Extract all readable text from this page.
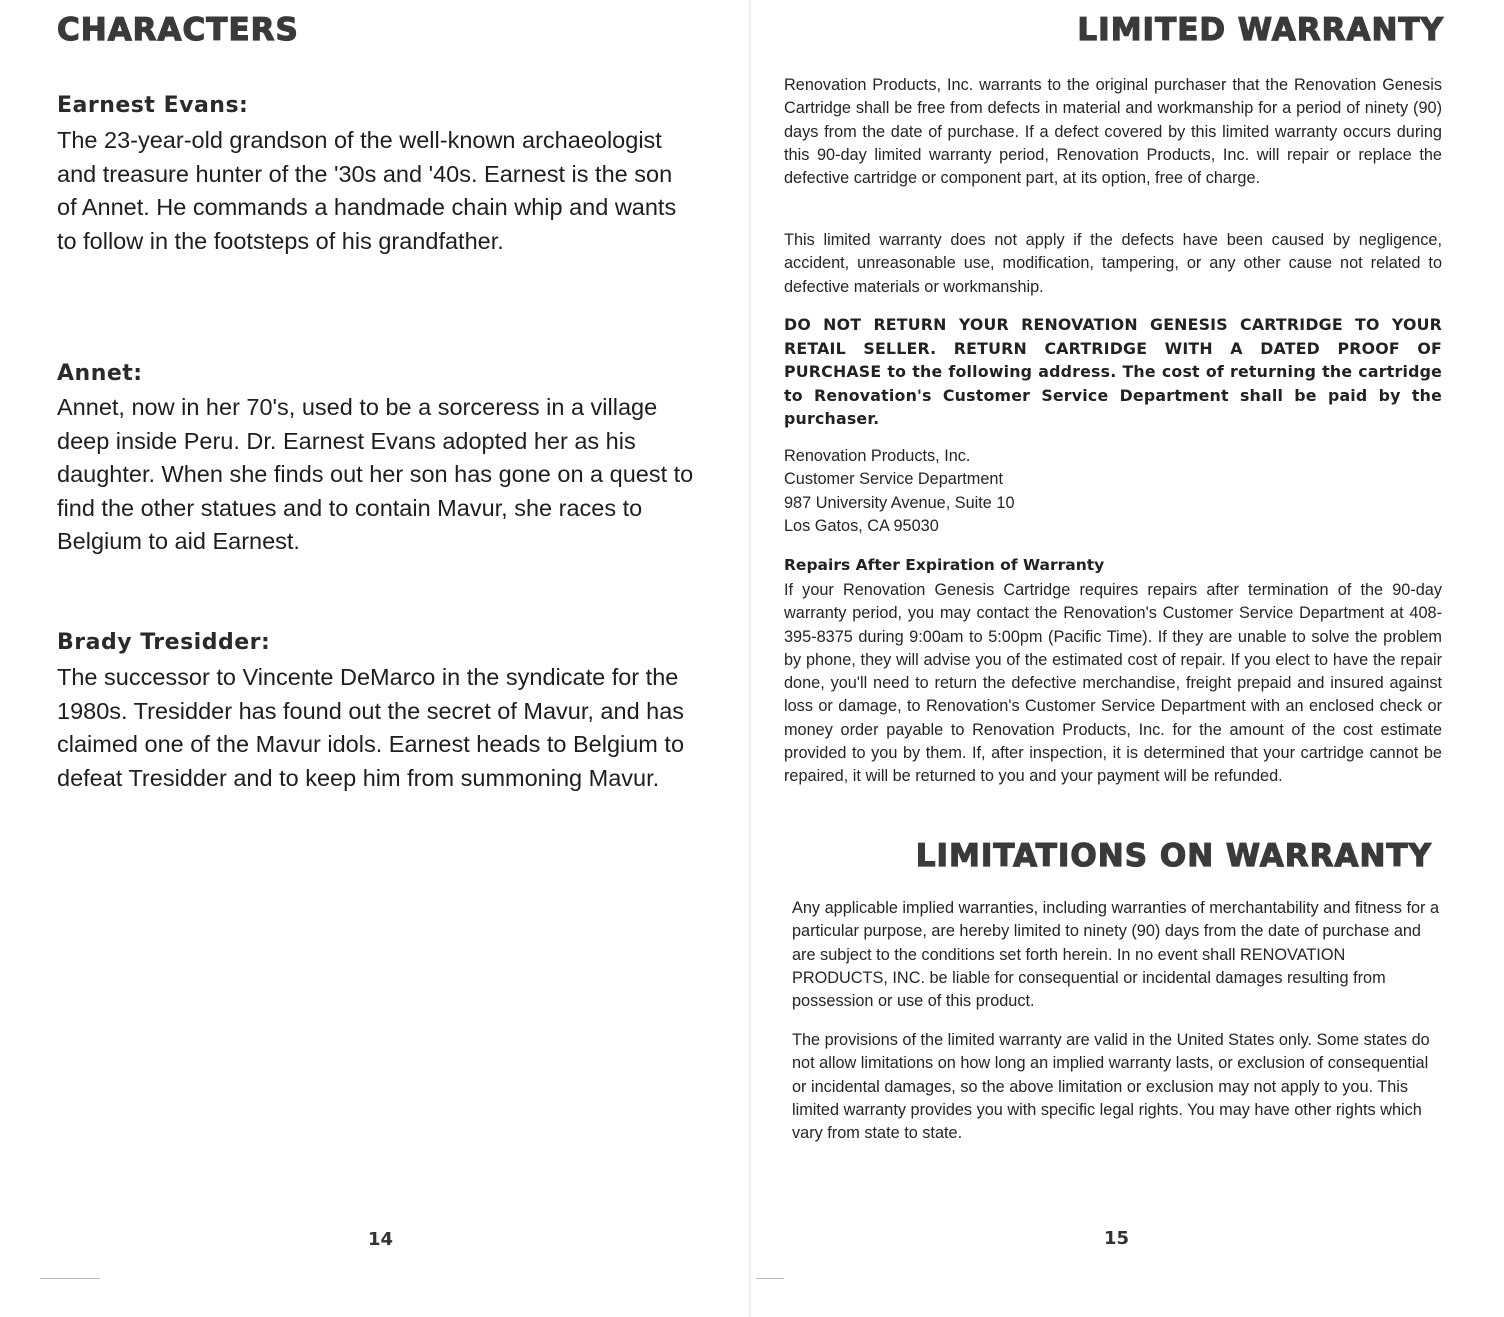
CHARACTERS
Earnest Evans:

The 23-year-old grandson of the well-known archaeologist and treasure hunter of the '30s and '40s. Earnest is the son of Annet. He commands a handmade chain whip and wants to follow in the footsteps of his grandfather.

Annet:

Annet, now in her 70's, used to be a sorceress in a village deep inside Peru. Dr. Earnest Evans adopted her as his daughter. When she finds out her son has gone on a quest to find the other statues and to contain Mavur, she races to Belgium to aid Earnest.

Brady Tresidder:

The successor to Vincente DeMarco in the syndicate for the 1980s. Tresidder has found out the secret of Mavur, and has claimed one of the Mavur idols. Earnest heads to Belgium to defeat Tresidder and to keep him from summoning Mavur.

14

LIMITED WARRANTY

Renovation Products, Inc. warrants to the original purchaser that the Renovation Genesis Cartridge shall be free from defects in material and workmanship for a period of ninety (90) days from the date of purchase. If a defect covered by this limited warranty occurs during this 90-day limited warranty period, Renovation Products, Inc. will repair or replace the defective cartridge or component part, at its option, free of charge.

This limited warranty does not apply if the defects have been caused by negligence, accident, unreasonable use, modification, tampering, or any other cause not related to defective materials or workmanship.

DO NOT RETURN YOUR RENOVATION GENESIS CARTRIDGE TO YOUR RETAIL SELLER. RETURN CARTRIDGE WITH A DATED PROOF OF PURCHASE to the following address. The cost of returning the cartridge to Renovation's Customer Service Department shall be paid by the purchaser.

Renovation Products, Inc.
Customer Service Department
987 University Avenue, Suite 10
Los Gatos, CA 95030
Repairs After Expiration of Warranty

If your Renovation Genesis Cartridge requires repairs after termination of the 90-day warranty period, you may contact the Renovation's Customer Service Department at 408-395-8375 during 9:00am to 5:00pm (Pacific Time). If they are unable to solve the problem by phone, they will advise you of the estimated cost of repair. If you elect to have the repair done, you'll need to return the defective merchandise, freight prepaid and insured against loss or damage, to Renovation's Customer Service Department with an enclosed check or money order payable to Renovation Products, Inc. for the amount of the cost estimate provided to you by them. If, after inspection, it is determined that your cartridge cannot be repaired, it will be returned to you and your payment will be refunded.

LIMITATIONS ON WARRANTY

Any applicable implied warranties, including warranties of merchantability and fitness for a particular purpose, are hereby limited to ninety (90) days from the date of purchase and are subject to the conditions set forth herein. In no event shall RENOVATION PRODUCTS, INC. be liable for consequential or incidental damages resulting from possession or use of this product.

The provisions of the limited warranty are valid in the United States only. Some states do not allow limitations on how long an implied warranty lasts, or exclusion of consequential or incidental damages, so the above limitation or exclusion may not apply to you. This limited warranty provides you with specific legal rights. You may have other rights which vary from state to state.

15
